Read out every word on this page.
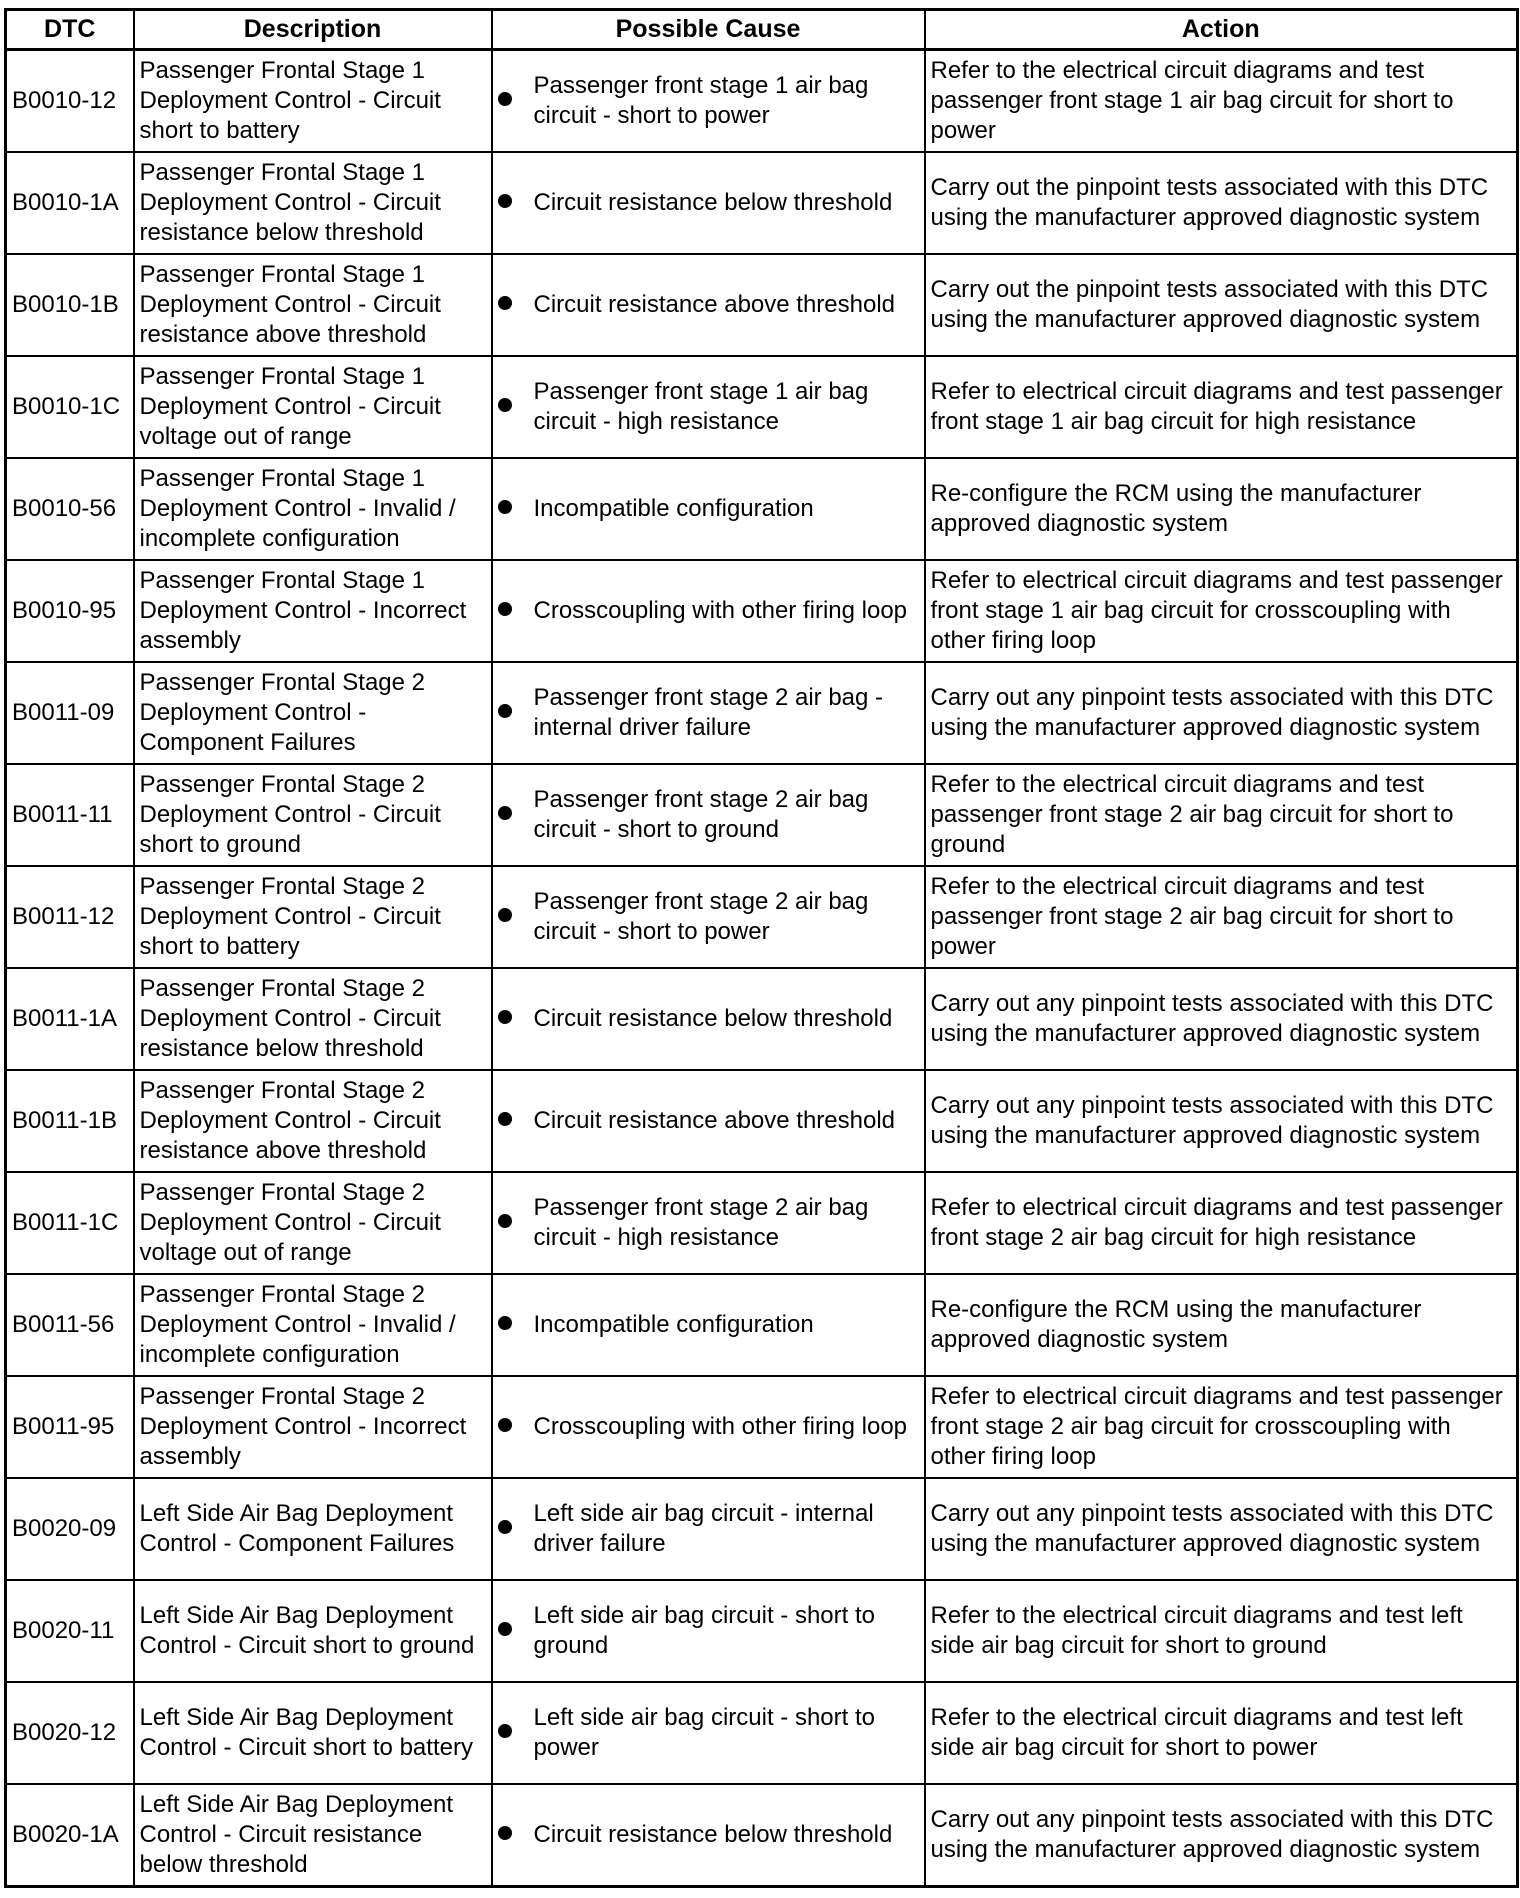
DTC	Description	Possible Cause	Action
B0010-12	Passenger Frontal Stage 1 Deployment Control - Circuit short to battery	Passenger front stage 1 air bag circuit - short to power	Refer to the electrical circuit diagrams and test passenger front stage 1 air bag circuit for short to power
B0010-1A	Passenger Frontal Stage 1 Deployment Control - Circuit resistance below threshold	Circuit resistance below threshold	Carry out the pinpoint tests associated with this DTC using the manufacturer approved diagnostic system
B0010-1B	Passenger Frontal Stage 1 Deployment Control - Circuit resistance above threshold	Circuit resistance above threshold	Carry out the pinpoint tests associated with this DTC using the manufacturer approved diagnostic system
B0010-1C	Passenger Frontal Stage 1 Deployment Control - Circuit voltage out of range	Passenger front stage 1 air bag circuit - high resistance	Refer to electrical circuit diagrams and test passenger front stage 1 air bag circuit for high resistance
B0010-56	Passenger Frontal Stage 1 Deployment Control - Invalid / incomplete configuration	Incompatible configuration	Re-configure the RCM using the manufacturer approved diagnostic system
B0010-95	Passenger Frontal Stage 1 Deployment Control - Incorrect assembly	Crosscoupling with other firing loop	Refer to electrical circuit diagrams and test passenger front stage 1 air bag circuit for crosscoupling with other firing loop
B0011-09	Passenger Frontal Stage 2 Deployment Control - Component Failures	Passenger front stage 2 air bag - internal driver failure	Carry out any pinpoint tests associated with this DTC using the manufacturer approved diagnostic system
B0011-11	Passenger Frontal Stage 2 Deployment Control - Circuit short to ground	Passenger front stage 2 air bag circuit - short to ground	Refer to the electrical circuit diagrams and test passenger front stage 2 air bag circuit for short to ground
B0011-12	Passenger Frontal Stage 2 Deployment Control - Circuit short to battery	Passenger front stage 2 air bag circuit - short to power	Refer to the electrical circuit diagrams and test passenger front stage 2 air bag circuit for short to power
B0011-1A	Passenger Frontal Stage 2 Deployment Control - Circuit resistance below threshold	Circuit resistance below threshold	Carry out any pinpoint tests associated with this DTC using the manufacturer approved diagnostic system
B0011-1B	Passenger Frontal Stage 2 Deployment Control - Circuit resistance above threshold	Circuit resistance above threshold	Carry out any pinpoint tests associated with this DTC using the manufacturer approved diagnostic system
B0011-1C	Passenger Frontal Stage 2 Deployment Control - Circuit voltage out of range	Passenger front stage 2 air bag circuit - high resistance	Refer to electrical circuit diagrams and test passenger front stage 2 air bag circuit for high resistance
B0011-56	Passenger Frontal Stage 2 Deployment Control - Invalid / incomplete configuration	Incompatible configuration	Re-configure the RCM using the manufacturer approved diagnostic system
B0011-95	Passenger Frontal Stage 2 Deployment Control - Incorrect assembly	Crosscoupling with other firing loop	Refer to electrical circuit diagrams and test passenger front stage 2 air bag circuit for crosscoupling with other firing loop
B0020-09	Left Side Air Bag Deployment Control - Component Failures	Left side air bag circuit - internal driver failure	Carry out any pinpoint tests associated with this DTC using the manufacturer approved diagnostic system
B0020-11	Left Side Air Bag Deployment Control - Circuit short to ground	Left side air bag circuit - short to ground	Refer to the electrical circuit diagrams and test left side air bag circuit for short to ground
B0020-12	Left Side Air Bag Deployment Control - Circuit short to battery	Left side air bag circuit - short to power	Refer to the electrical circuit diagrams and test left side air bag circuit for short to power
B0020-1A	Left Side Air Bag Deployment Control - Circuit resistance below threshold	Circuit resistance below threshold	Carry out any pinpoint tests associated with this DTC using the manufacturer approved diagnostic system
